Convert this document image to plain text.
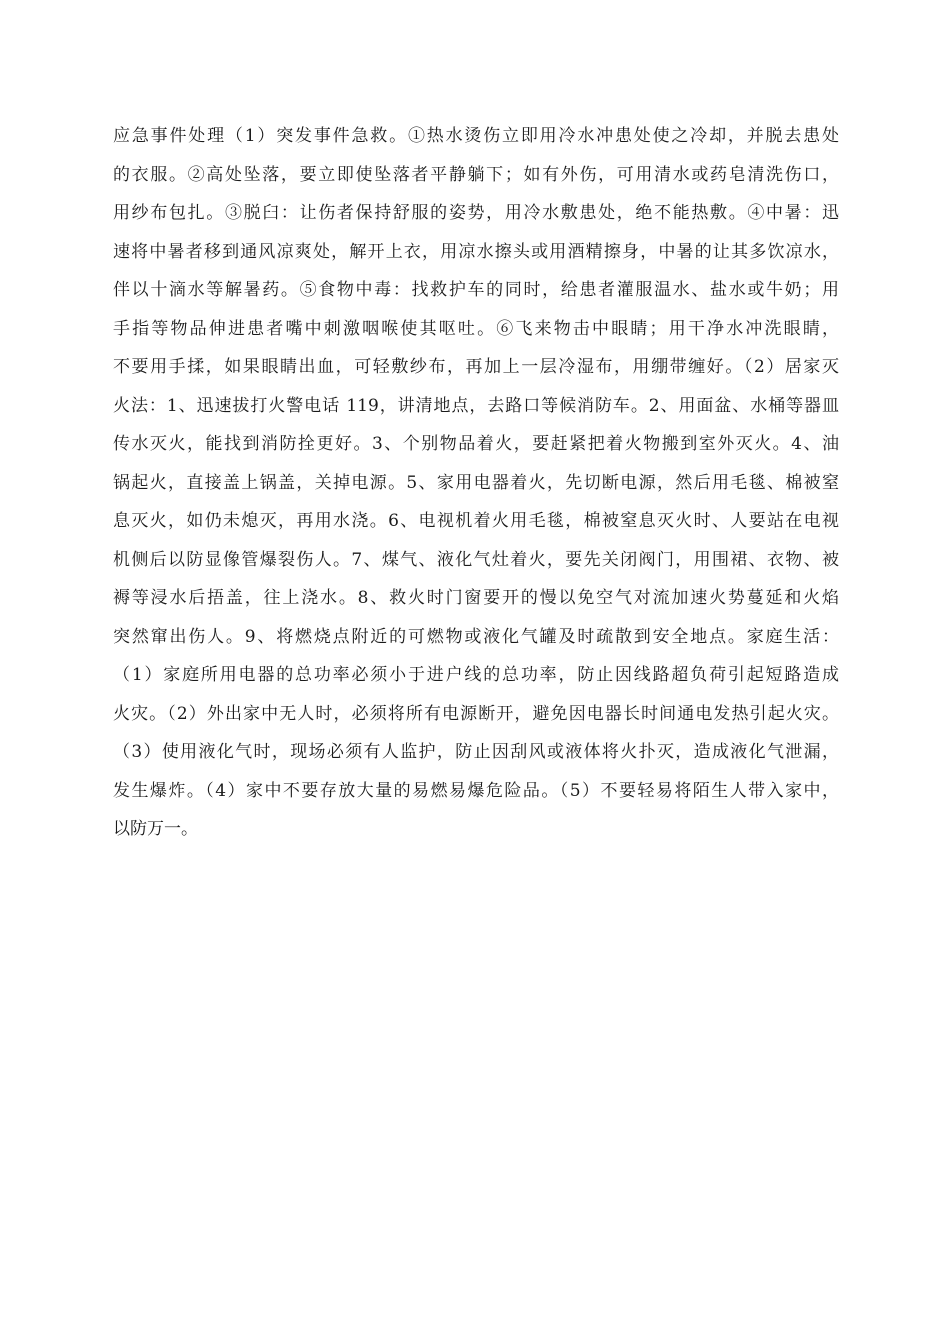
应急事件处理（1）突发事件急救。①热水烫伤立即用冷水冲患处使之冷却，并脱去患处
的衣服。②高处坠落，要立即使坠落者平静躺下；如有外伤，可用清水或药皂清洗伤口，
用纱布包扎。③脱臼：让伤者保持舒服的姿势，用冷水敷患处，绝不能热敷。④中暑：迅
速将中暑者移到通风凉爽处，解开上衣，用凉水擦头或用酒精擦身，中暑的让其多饮凉水，
伴以十滴水等解暑药。⑤食物中毒：找救护车的同时，给患者灌服温水、盐水或牛奶；用
手指等物品伸进患者嘴中刺激咽喉使其呕吐。⑥飞来物击中眼睛；用干净水冲洗眼睛，
不要用手揉，如果眼睛出血，可轻敷纱布，再加上一层冷湿布，用绷带缠好。（2）居家灭
火法：1、迅速拔打火警电话 119，讲清地点，去路口等候消防车。2、用面盆、水桶等器皿
传水灭火，能找到消防拴更好。3、个别物品着火，要赶紧把着火物搬到室外灭火。4、油
锅起火，直接盖上锅盖，关掉电源。5、家用电器着火，先切断电源，然后用毛毯、棉被窒
息灭火，如仍未熄灭，再用水浇。6、电视机着火用毛毯，棉被窒息灭火时、人要站在电视
机侧后以防显像管爆裂伤人。7、煤气、液化气灶着火，要先关闭阀门，用围裙、衣物、被
褥等浸水后捂盖，往上浇水。8、救火时门窗要开的慢以免空气对流加速火势蔓延和火焰
突然窜出伤人。9、将燃烧点附近的可燃物或液化气罐及时疏散到安全地点。家庭生活：
（1）家庭所用电器的总功率必须小于进户线的总功率，防止因线路超负荷引起短路造成
火灾。（2）外出家中无人时，必须将所有电源断开，避免因电器长时间通电发热引起火灾。
（3）使用液化气时，现场必须有人监护，防止因刮风或液体将火扑灭，造成液化气泄漏，
发生爆炸。（4）家中不要存放大量的易燃易爆危险品。（5）不要轻易将陌生人带入家中，
以防万一。
